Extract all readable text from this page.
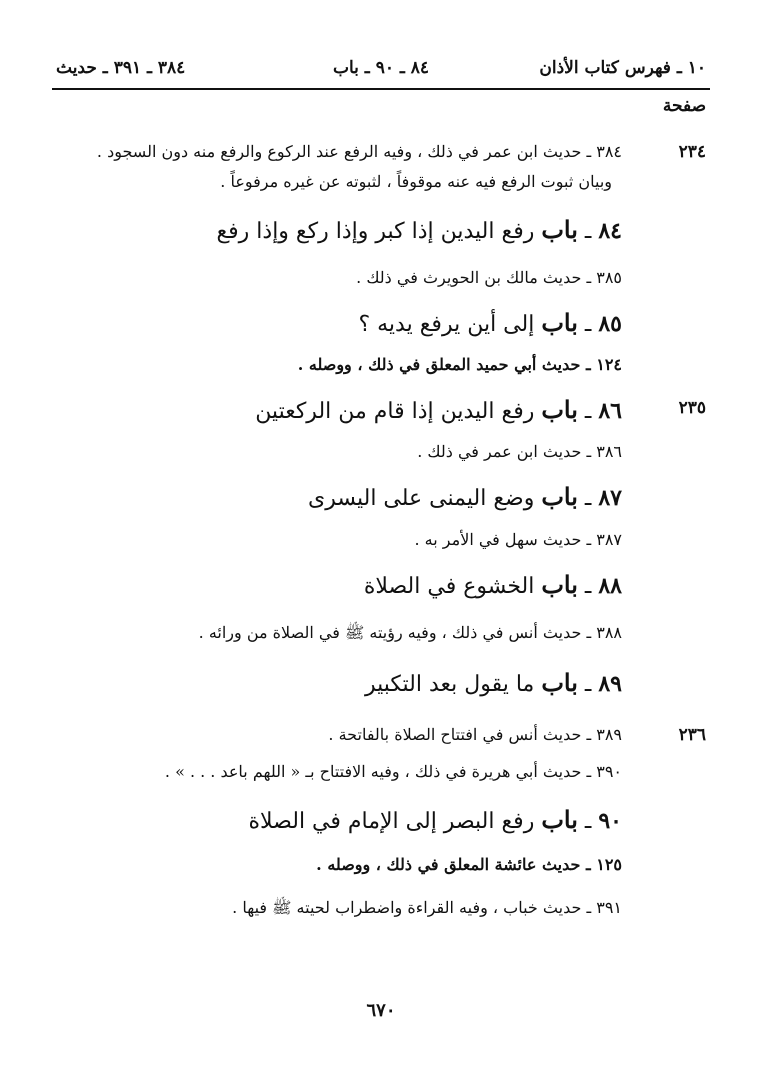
١٠ ـ فهرس كتاب الأذان
٨٤ ـ ٩٠ ـ باب
٣٨٤ ـ ٣٩١ ـ حديث
صفحة
٢٣٤
٢٣٥
٢٣٦
٣٨٤ ـ حديث ابن عمر في ذلك ، وفيه الرفع عند الركوع والرفع منه دون السجود .
وبيان ثبوت الرفع فيه عنه موقوفاً ، لثبوته عن غيره مرفوعاً .
٨٤ ـ باب رفع اليدين إذا كبر وإذا ركع وإذا رفع
٣٨٥ ـ حديث مالك بن الحويرث في ذلك .
٨٥ ـ باب إلى أين يرفع يديه ؟
١٢٤ ـ حديث أبي حميد المعلق في ذلك ، ووصله .
٨٦ ـ باب رفع اليدين إذا قام من الركعتين
٣٨٦ ـ حديث ابن عمر في ذلك .
٨٧ ـ باب وضع اليمنى على اليسرى
٣٨٧ ـ حديث سهل في الأمر به .
٨٨ ـ باب الخشوع في الصلاة
٣٨٨ ـ حديث أنس في ذلك ، وفيه رؤيته ﷺ في الصلاة من ورائه .
٨٩ ـ باب ما يقول بعد التكبير
٣٨٩ ـ حديث أنس في افتتاح الصلاة بالفاتحة .
٣٩٠ ـ حديث أبي هريرة في ذلك ، وفيه الافتتاح بـ « اللهم باعد . . . » .
٩٠ ـ باب رفع البصر إلى الإمام في الصلاة
١٢٥ ـ حديث عائشة المعلق في ذلك ، ووصله .
٣٩١ ـ حديث خباب ، وفيه القراءة واضطراب لحيته ﷺ فيها .
٦٧٠
